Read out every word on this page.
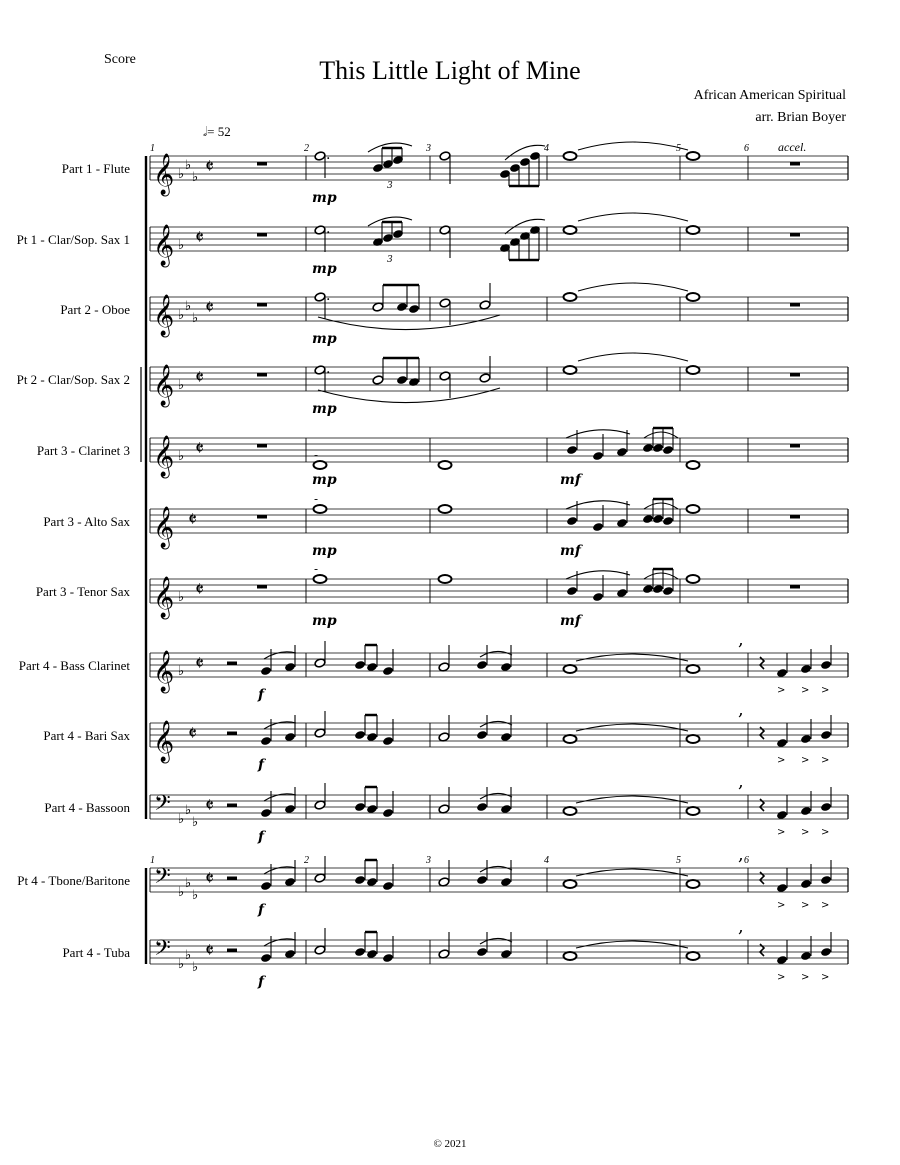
Score	This Little Light of Mine
African American Spiritual
arr. Brian Boyer
𝅗𝅥= 52
accel.
Part 1 - Flute
Pt 1 - Clar/Sop. Sax 1
Part 2 - Oboe
Pt 2 - Clar/Sop. Sax 2
Part 3 - Clarinet 3
Part 3 - Alto Sax
Part 3 - Tenor Sax
Part 4 - Bass Clarinet
Part 4 - Bari Sax
Part 4 - Bassoon
Pt 4 - Tbone/Baritone
Part 4 - Tuba
1	2	3	4	5	6
1	2	3	4	5	6
𝄞 ♭
♭
♭ 𝄵
mp
.
3
𝄞 ♭ 𝄵
mp
.
3
𝄞 ♭
♭
♭ 𝄵
mp
.
𝄞 ♭ 𝄵
mp
.
𝄞 ♭ 𝄵
mp	mf
-
𝄞 𝄵
mp	mf
-
𝄞 ♭ 𝄵
mp	mf
-
𝄞 ♭ 𝄵
f
,
> > >
𝄞 𝄵
f
,
> > >
𝄢 ♭
♭
♭
𝄵
f
,
> > >
𝄢 ♭
♭
♭
𝄵
f
,
> > >
𝄢 ♭
♭
♭
𝄵
f
,
> > >
© 2021
